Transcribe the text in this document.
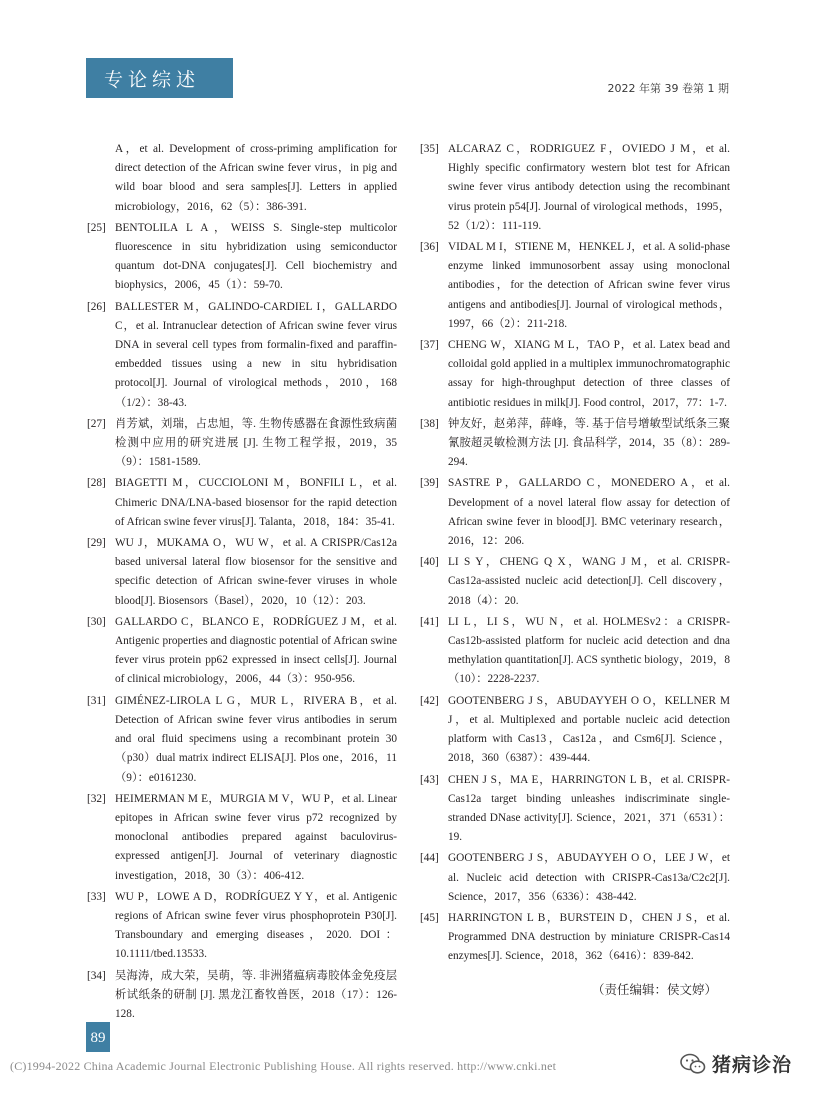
专论综述	2022 年第 39 卷第 1 期
A，et al. Development of cross-priming amplification for direct detection of the African swine fever virus，in pig and wild boar blood and sera samples[J]. Letters in applied microbiology，2016，62（5）：386-391.
[25] BENTOLILA L A，WEISS S. Single-step multicolor fluorescence in situ hybridization using semiconductor quantum dot-DNA conjugates[J]. Cell biochemistry and biophysics，2006，45（1）：59-70.
[26] BALLESTER M，GALINDO-CARDIEL I，GALLARDO C，et al. Intranuclear detection of African swine fever virus DNA in several cell types from formalin-fixed and paraffin-embedded tissues using a new in situ hybridisation protocol[J]. Journal of virological methods，2010，168（1/2）：38-43.
[27] 肖芳斌，刘瑞，占忠旭，等. 生物传感器在食源性致病菌检测中应用的研究进展 [J]. 生物工程学报，2019，35（9）：1581-1589.
[28] BIAGETTI M，CUCCIOLONI M，BONFILI L，et al. Chimeric DNA/LNA-based biosensor for the rapid detection of African swine fever virus[J]. Talanta，2018，184：35-41.
[29] WU J，MUKAMA O，WU W，et al. A CRISPR/Cas12a based universal lateral flow biosensor for the sensitive and specific detection of African swine-fever viruses in whole blood[J]. Biosensors（Basel），2020，10（12）：203.
[30] GALLARDO C，BLANCO E，RODRÍGUEZ J M，et al. Antigenic properties and diagnostic potential of African swine fever virus protein pp62 expressed in insect cells[J]. Journal of clinical microbiology，2006，44（3）：950-956.
[31] GIMÉNEZ-LIROLA L G，MUR L，RIVERA B，et al. Detection of African swine fever virus antibodies in serum and oral fluid specimens using a recombinant protein 30（p30）dual matrix indirect ELISA[J]. Plos one，2016，11（9）：e0161230.
[32] HEIMERMAN M E，MURGIA M V，WU P，et al. Linear epitopes in African swine fever virus p72 recognized by monoclonal antibodies prepared against baculovirus-expressed antigen[J]. Journal of veterinary diagnostic investigation，2018，30（3）：406-412.
[33] WU P，LOWE A D，RODRÍGUEZ Y Y，et al. Antigenic regions of African swine fever virus phosphoprotein P30[J]. Transboundary and emerging diseases，2020. DOI：10.1111/tbed.13533.
[34] 吴海涛，成大荣，吴萌，等. 非洲猪瘟病毒胶体金免疫层析试纸条的研制 [J]. 黑龙江畜牧兽医，2018（17）：126-128.
[35] ALCARAZ C，RODRIGUEZ F，OVIEDO J M，et al. Highly specific confirmatory western blot test for African swine fever virus antibody detection using the recombinant virus protein p54[J]. Journal of virological methods，1995，52（1/2）：111-119.
[36] VIDAL M I，STIENE M，HENKEL J，et al. A solid-phase enzyme linked immunosorbent assay using monoclonal antibodies，for the detection of African swine fever virus antigens and antibodies[J]. Journal of virological methods，1997，66（2）：211-218.
[37] CHENG W，XIANG M L，TAO P，et al. Latex bead and colloidal gold applied in a multiplex immunochromatographic assay for high-throughput detection of three classes of antibiotic residues in milk[J]. Food control，2017，77：1-7.
[38] 钟友好，赵弟萍，薛峰，等. 基于信号增敏型试纸条三聚氰胺超灵敏检测方法 [J]. 食品科学，2014，35（8）：289-294.
[39] SASTRE P，GALLARDO C，MONEDERO A，et al. Development of a novel lateral flow assay for detection of African swine fever in blood[J]. BMC veterinary research，2016，12：206.
[40] LI S Y，CHENG Q X，WANG J M，et al. CRISPR-Cas12a-assisted nucleic acid detection[J]. Cell discovery，2018（4）：20.
[41] LI L，LI S，WU N，et al. HOLMESv2：a CRISPR-Cas12b-assisted platform for nucleic acid detection and dna methylation quantitation[J]. ACS synthetic biology，2019，8（10）：2228-2237.
[42] GOOTENBERG J S，ABUDAYYEH O O，KELLNER M J，et al. Multiplexed and portable nucleic acid detection platform with Cas13，Cas12a，and Csm6[J]. Science，2018，360（6387）：439-444.
[43] CHEN J S，MA E，HARRINGTON L B，et al. CRISPR-Cas12a target binding unleashes indiscriminate single-stranded DNase activity[J]. Science，2021，371（6531）：19.
[44] GOOTENBERG J S，ABUDAYYEH O O，LEE J W，et al. Nucleic acid detection with CRISPR-Cas13a/C2c2[J]. Science，2017，356（6336）：438-442.
[45] HARRINGTON L B，BURSTEIN D，CHEN J S，et al. Programmed DNA destruction by miniature CRISPR-Cas14 enzymes[J]. Science，2018，362（6416）：839-842.
（责任编辑：侯文婷）
89
(C)1994-2022 China Academic Journal Electronic Publishing House. All rights reserved. http://www.cnki.net	猪病诊治
